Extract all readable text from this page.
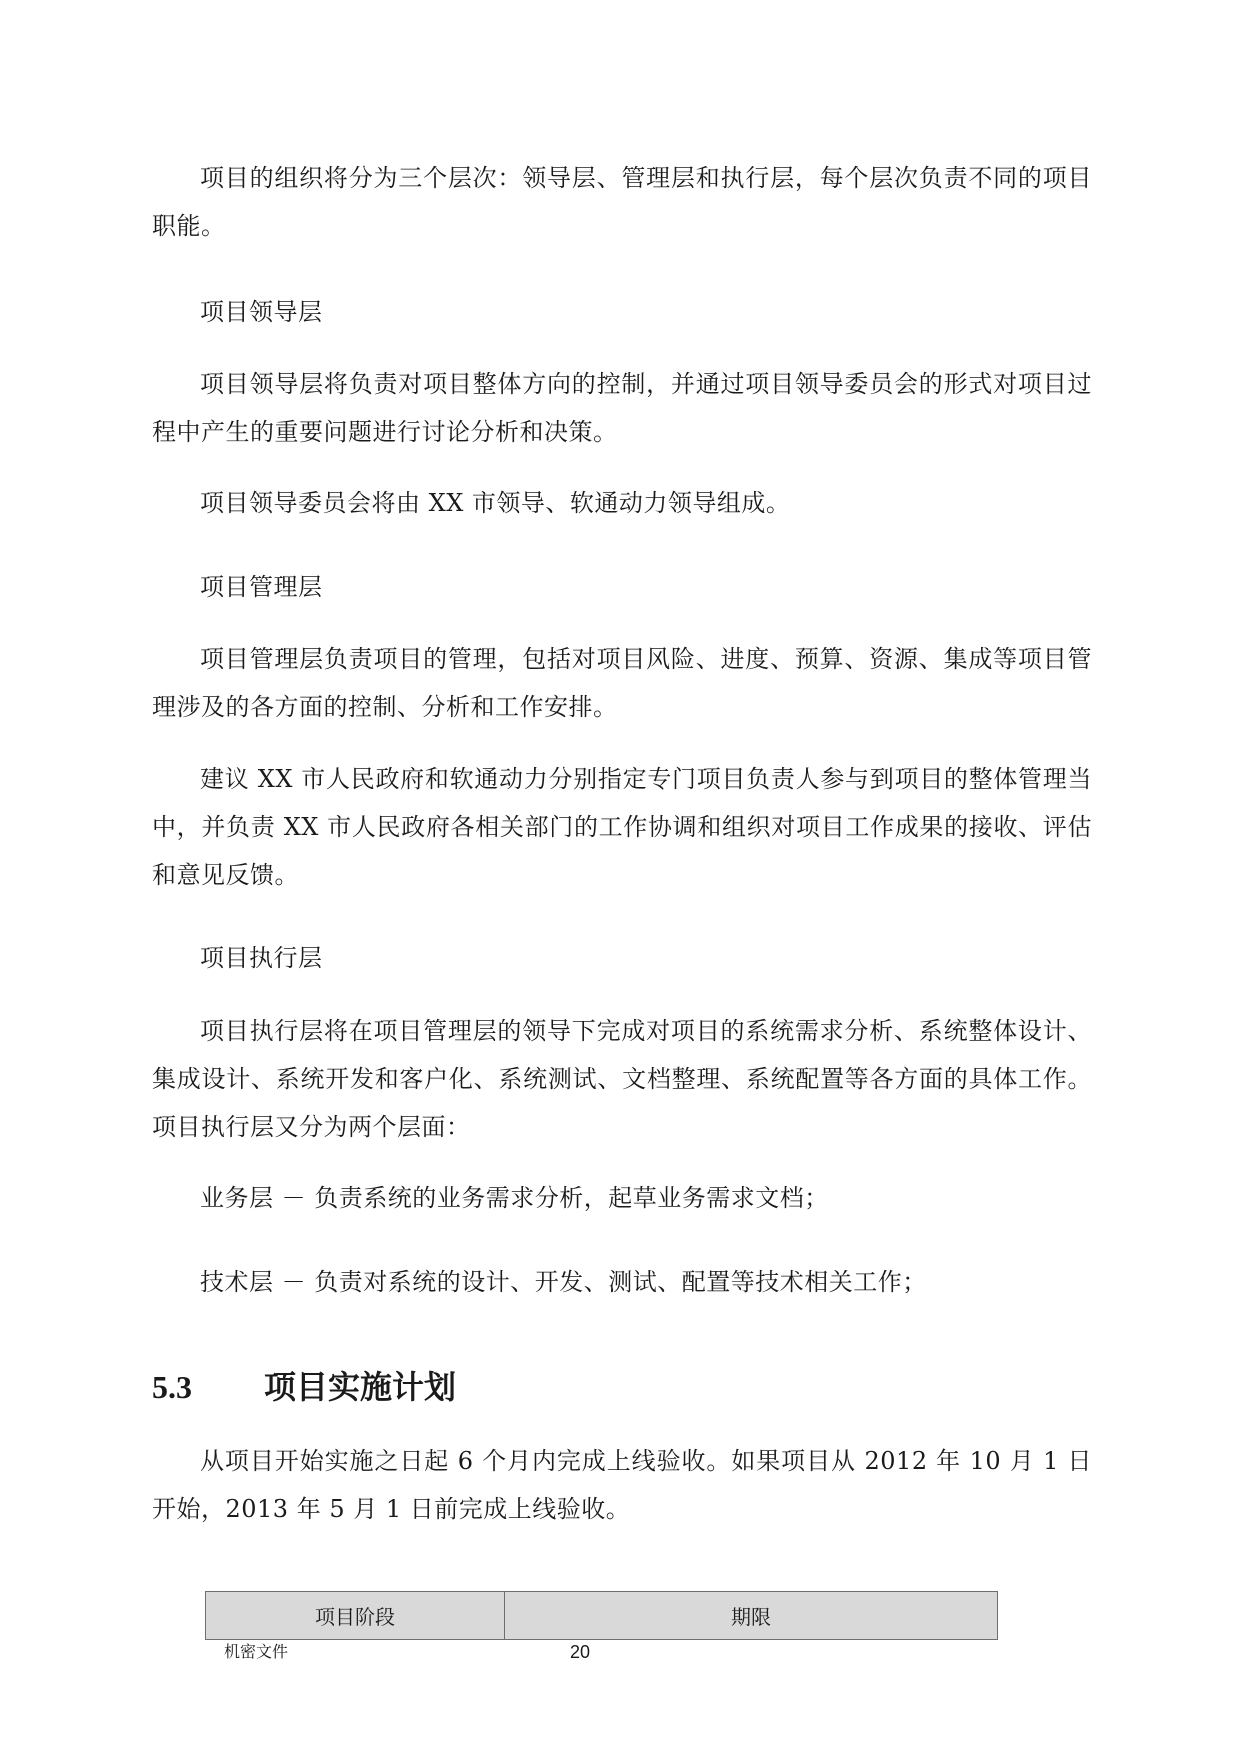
项目的组织将分为三个层次：领导层、管理层和执行层，每个层次负责不同的项目职能。

项目领导层

项目领导层将负责对项目整体方向的控制，并通过项目领导委员会的形式对项目过程中产生的重要问题进行讨论分析和决策。

项目领导委员会将由 XX 市领导、软通动力领导组成。

项目管理层

项目管理层负责项目的管理，包括对项目风险、进度、预算、资源、集成等项目管理涉及的各方面的控制、分析和工作安排。

建议 XX 市人民政府和软通动力分别指定专门项目负责人参与到项目的整体管理当中，并负责 XX 市人民政府各相关部门的工作协调和组织对项目工作成果的接收、评估和意见反馈。

项目执行层

项目执行层将在项目管理层的领导下完成对项目的系统需求分析、系统整体设计、集成设计、系统开发和客户化、系统测试、文档整理、系统配置等各方面的具体工作。项目执行层又分为两个层面：

业务层 － 负责系统的业务需求分析，起草业务需求文档；

技术层 － 负责对系统的设计、开发、测试、配置等技术相关工作；

5.3 项目实施计划

从项目开始实施之日起 6 个月内完成上线验收。如果项目从 2012 年 10 月 1 日开始，2013 年 5 月 1 日前完成上线验收。

项目阶段	期限
机密文件	20
